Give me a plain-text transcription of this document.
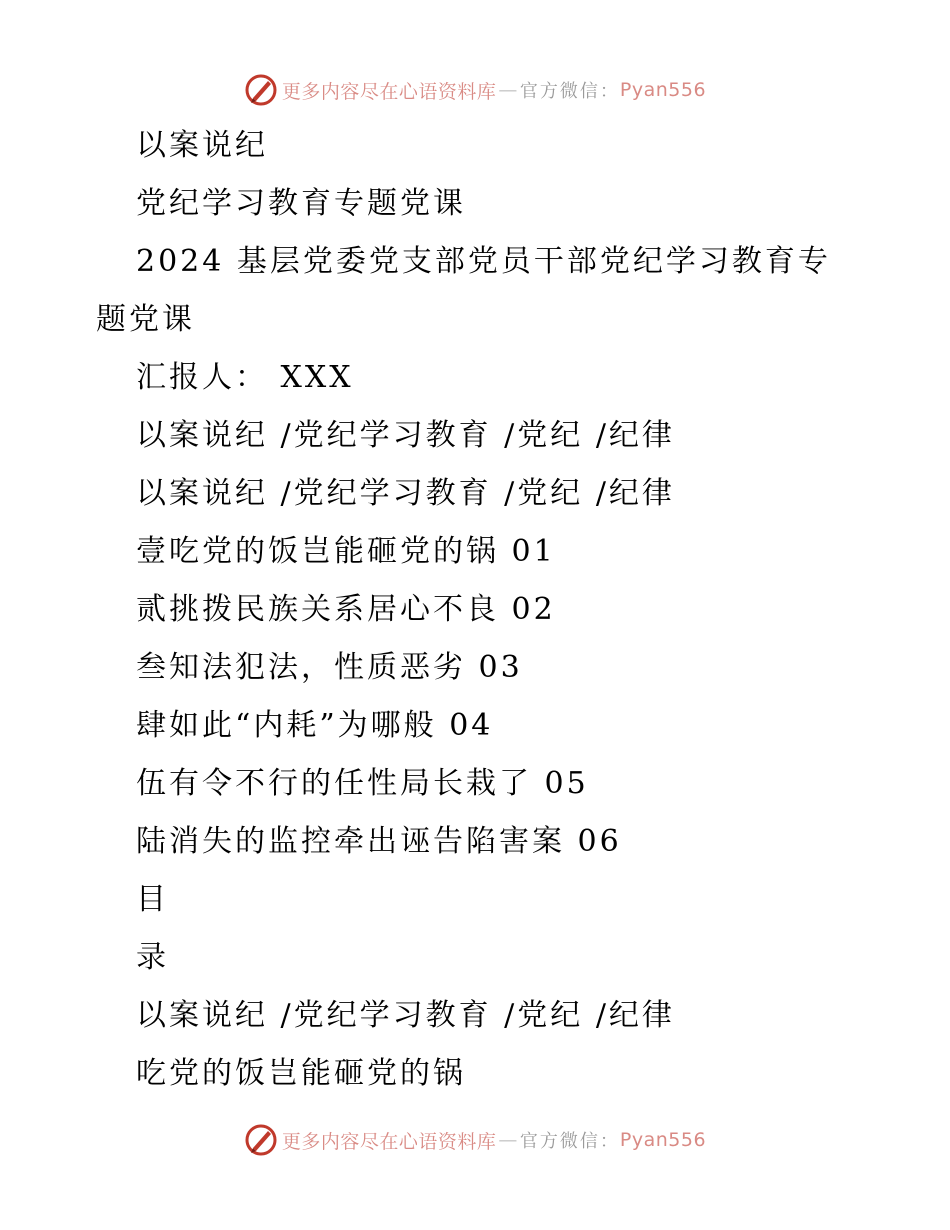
更多内容尽在心语资料库 — 官方微信： Pyan556
以案说纪
党纪学习教育专题党课
2024 基层党委党支部党员干部党纪学习教育专
题党课
汇报人： XXX
以案说纪 /党纪学习教育 /党纪 /纪律
以案说纪 /党纪学习教育 /党纪 /纪律
壹吃党的饭岂能砸党的锅 01
贰挑拨民族关系居心不良 02
叁知法犯法，性质恶劣 03
肆如此“内耗”为哪般 04
伍有令不行的任性局长栽了 05
陆消失的监控牵出诬告陷害案 06
目
录
以案说纪 /党纪学习教育 /党纪 /纪律
吃党的饭岂能砸党的锅
更多内容尽在心语资料库 — 官方微信： Pyan556
